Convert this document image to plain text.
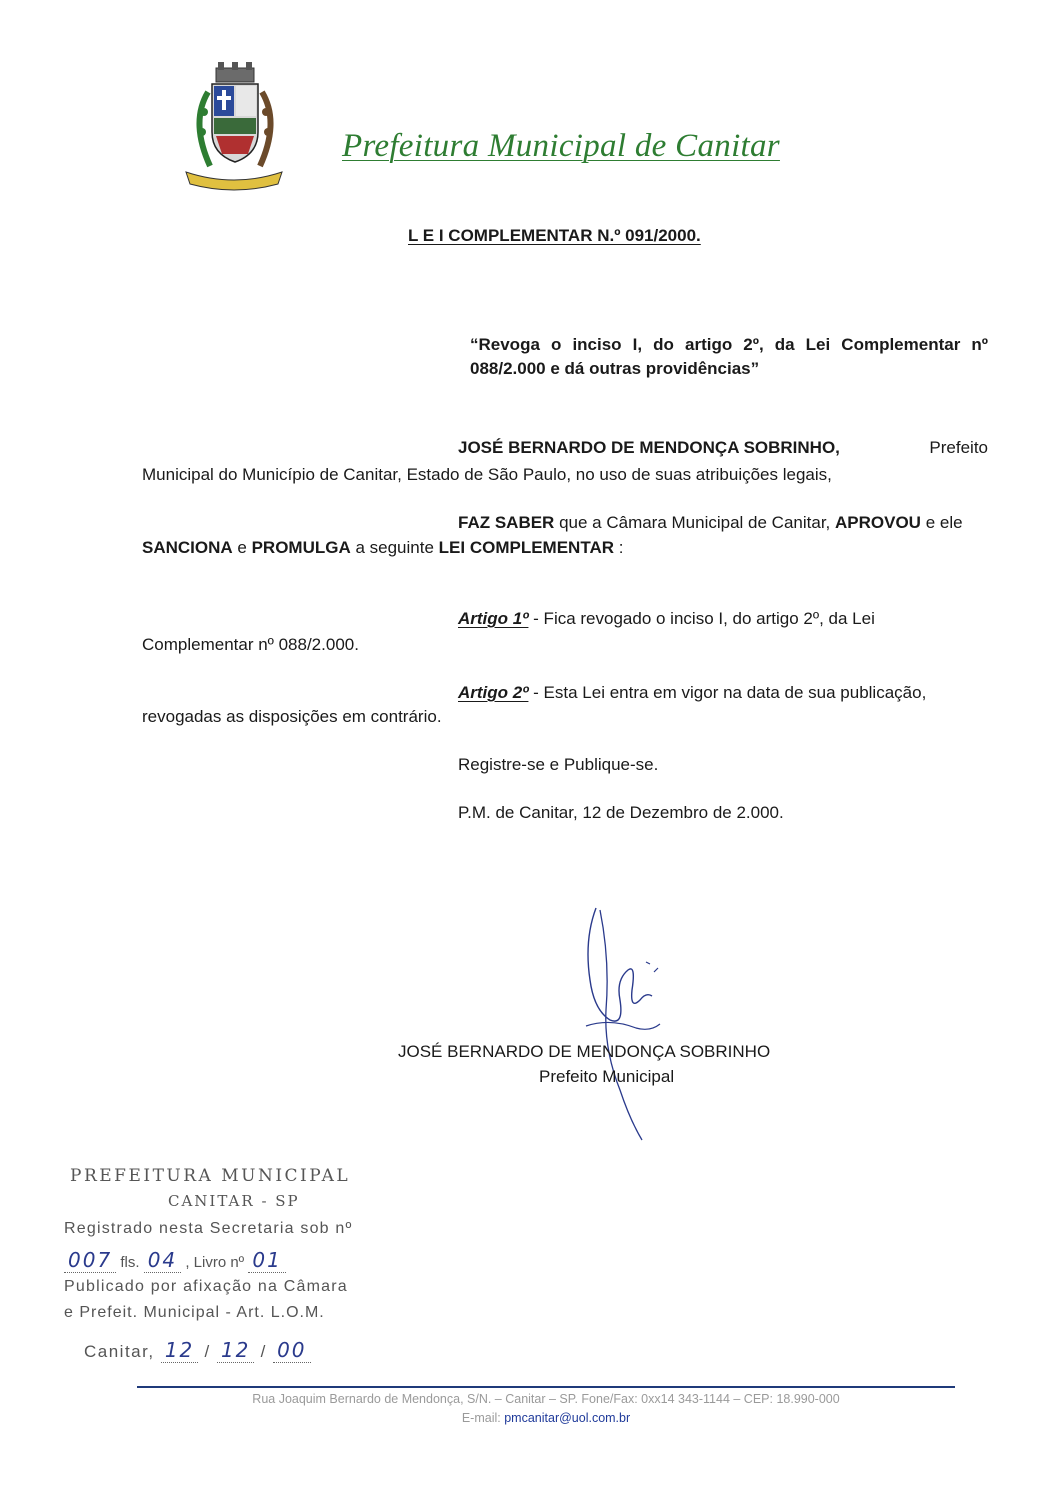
Prefeitura Municipal de Canitar
L E I COMPLEMENTAR N.º 091/2000.
“Revoga o inciso I, do artigo 2º, da Lei Complementar nº 088/2.000 e dá outras providências”
JOSÉ BERNARDO DE MENDONÇA SOBRINHO,	Prefeito
Municipal do Município de Canitar, Estado de São Paulo, no uso de suas atribuições legais,
FAZ SABER que a Câmara Municipal de Canitar, APROVOU e ele
SANCIONA e PROMULGA a seguinte LEI COMPLEMENTAR :
Artigo 1º - Fica revogado o inciso I, do artigo 2º, da Lei
Complementar nº 088/2.000.
Artigo 2º - Esta Lei entra em vigor na data de sua publicação,
revogadas as disposições em contrário.
Registre-se e Publique-se.
P.M. de Canitar, 12 de Dezembro de 2.000.
JOSÉ BERNARDO DE MENDONÇA SOBRINHO
Prefeito Municipal
PREFEITURA MUNICIPAL
CANITAR - SP
Registrado nesta Secretaria sob nº
007 fls. 04 , Livro nº 01
Publicado por afixação na Câmara
e Prefeit. Municipal - Art. L.O.M.
Canitar, 12 / 12 / 00
Rua Joaquim Bernardo de Mendonça, S/N. – Canitar – SP. Fone/Fax: 0xx14 343-1144 – CEP: 18.990-000
E-mail: pmcanitar@uol.com.br
